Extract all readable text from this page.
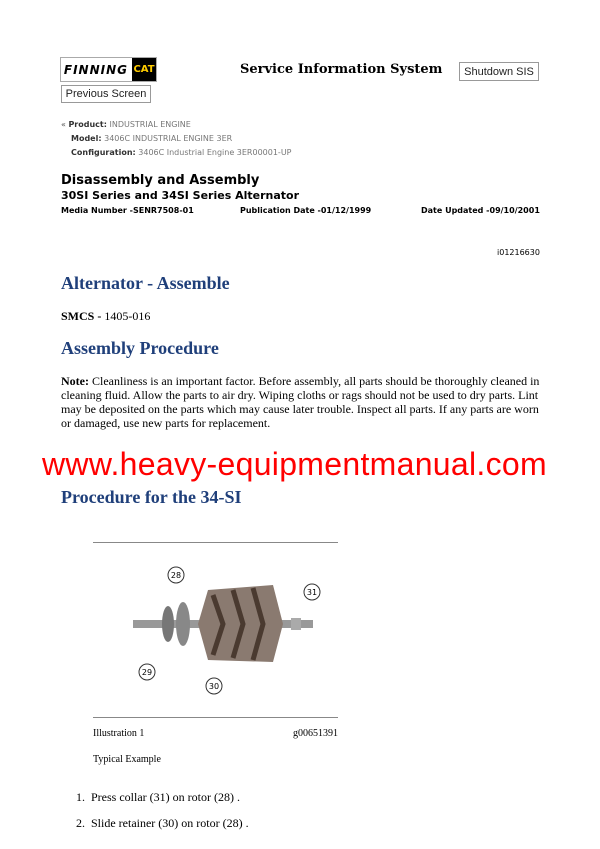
FINNING CAT	Service Information System	Shutdown SIS
Previous Screen
« Product: INDUSTRIAL ENGINE
Model: 3406C INDUSTRIAL ENGINE 3ER
Configuration: 3406C Industrial Engine 3ER00001-UP
Disassembly and Assembly
30SI Series and 34SI Series Alternator
Media Number -SENR7508-01	Publication Date -01/12/1999	Date Updated -09/10/2001
i01216630
Alternator - Assemble
SMCS - 1405-016
Assembly Procedure
Note: Cleanliness is an important factor. Before assembly, all parts should be thoroughly cleaned in cleaning fluid. Allow the parts to air dry. Wiping cloths or rags should not be used to dry parts. Lint may be deposited on the parts which may cause later trouble. Inspect all parts. If any parts are worn or damaged, use new parts for replacement.
www.heavy-equipmentmanual.com
Procedure for the 34-SI
28
31
29
30
Illustration 1	g00651391
Typical Example
1. Press collar (31) on rotor (28) .
2. Slide retainer (30) on rotor (28) .
